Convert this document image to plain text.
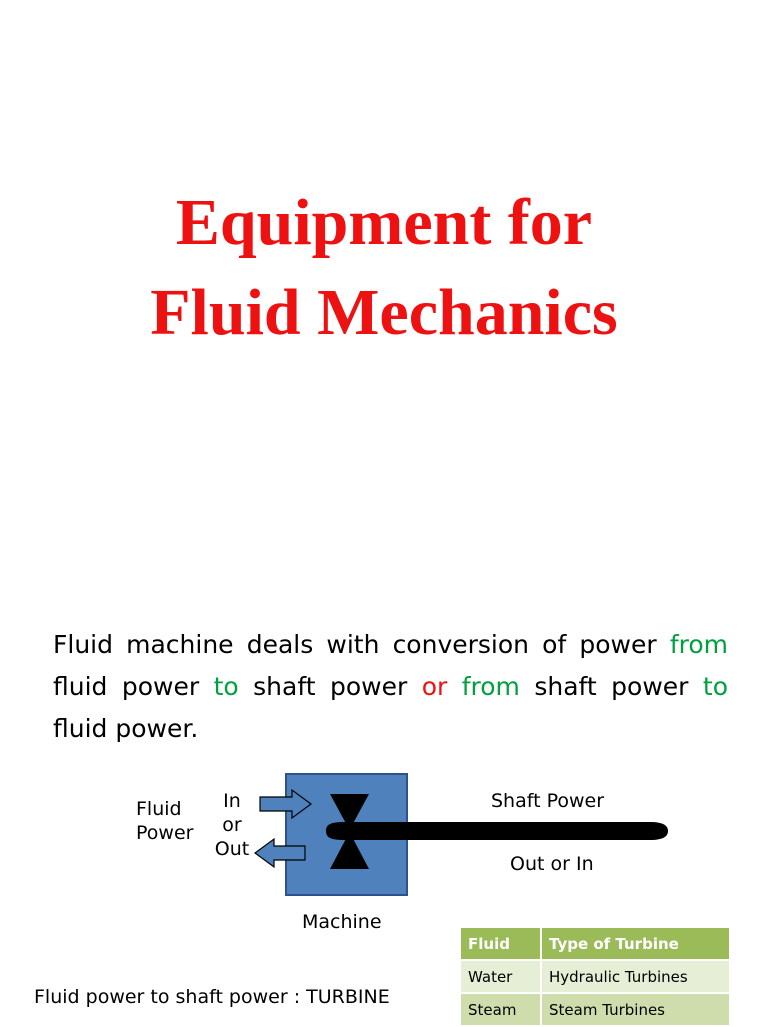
Equipment for
Fluid Mechanics
Fluid machine deals with conversion of power from fluid power to shaft power or from shaft power to fluid power.
Fluid
Power
In
or
Out
Shaft Power
Out or In
Machine
Fluid	Type of Turbine
Water	Hydraulic Turbines
Steam	Steam Turbines
Fluid power to shaft power : TURBINE
